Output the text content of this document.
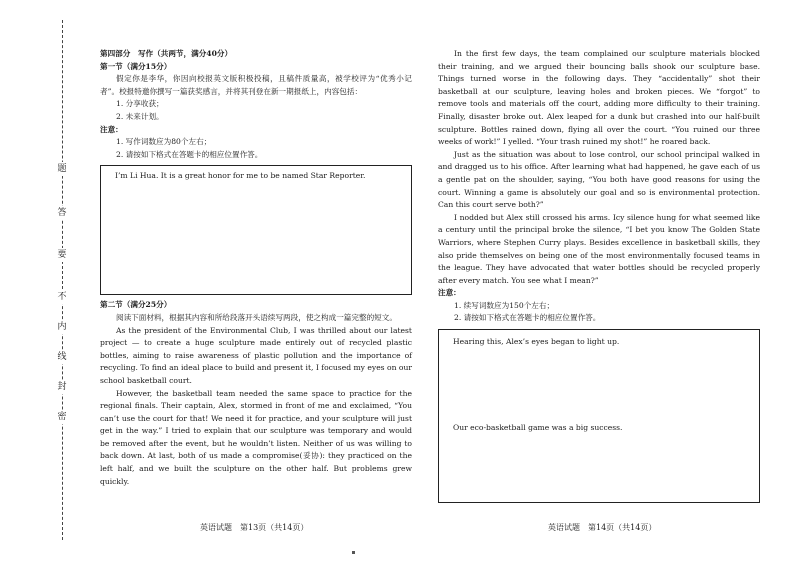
题
答
要
不
内
线
封
密

第四部分　写作（共两节，满分40分）

第一节（满分15分）

假定你是李华，你因向校报英文版积极投稿，且稿件质量高，被学校评为“优秀小记者”。校报特邀你撰写一篇获奖感言，并将其刊登在新一期报纸上，内容包括：

1. 分享收获；

2. 未来计划。

注意：

1. 写作词数应为80个左右；

2. 请按如下格式在答题卡的相应位置作答。

I’m Li Hua. It is a great honor for me to be named Star Reporter.

第二节（满分25分）

阅读下面材料，根据其内容和所给段落开头语续写两段，使之构成一篇完整的短文。

As the president of the Environmental Club, I was thrilled about our latest project — to create a huge sculpture made entirely out of recycled plastic bottles, aiming to raise awareness of plastic pollution and the importance of recycling. To find an ideal place to build and present it, I focused my eyes on our school basketball court.

However, the basketball team needed the same space to practice for the regional finals. Their captain, Alex, stormed in front of me and exclaimed, “You can’t use the court for that! We need it for practice, and your sculpture will just get in the way.” I tried to explain that our sculpture was temporary and would be removed after the event, but he wouldn’t listen. Neither of us was willing to back down. At last, both of us made a compromise(妥协): they practiced on the left half, and we built the sculpture on the other half. But problems grew quickly.

英语试题　第13页（共14页）

In the first few days, the team complained our sculpture materials blocked their training, and we argued their bouncing balls shook our sculpture base. Things turned worse in the following days. They “accidentally” shot their basketball at our sculpture, leaving holes and broken pieces. We “forgot” to remove tools and materials off the court, adding more difficulty to their training. Finally, disaster broke out. Alex leaped for a dunk but crashed into our half-built sculpture. Bottles rained down, flying all over the court. “You ruined our three weeks of work!” I yelled. “Your trash ruined my shot!” he roared back.

Just as the situation was about to lose control, our school principal walked in and dragged us to his office. After learning what had happened, he gave each of us a gentle pat on the shoulder, saying, “You both have good reasons for using the court. Winning a game is absolutely our goal and so is environmental protection. Can this court serve both?”

I nodded but Alex still crossed his arms. Icy silence hung for what seemed like a century until the principal broke the silence, “I bet you know The Golden State Warriors, where Stephen Curry plays. Besides excellence in basketball skills, they also pride themselves on being one of the most environmentally focused teams in the league. They have advocated that water bottles should be recycled properly after every match. You see what I mean?”

注意：

1. 续写词数应为150个左右；

2. 请按如下格式在答题卡的相应位置作答。

Hearing this, Alex’s eyes began to light up.
Our eco-basketball game was a big success.
英语试题　第14页（共14页）
